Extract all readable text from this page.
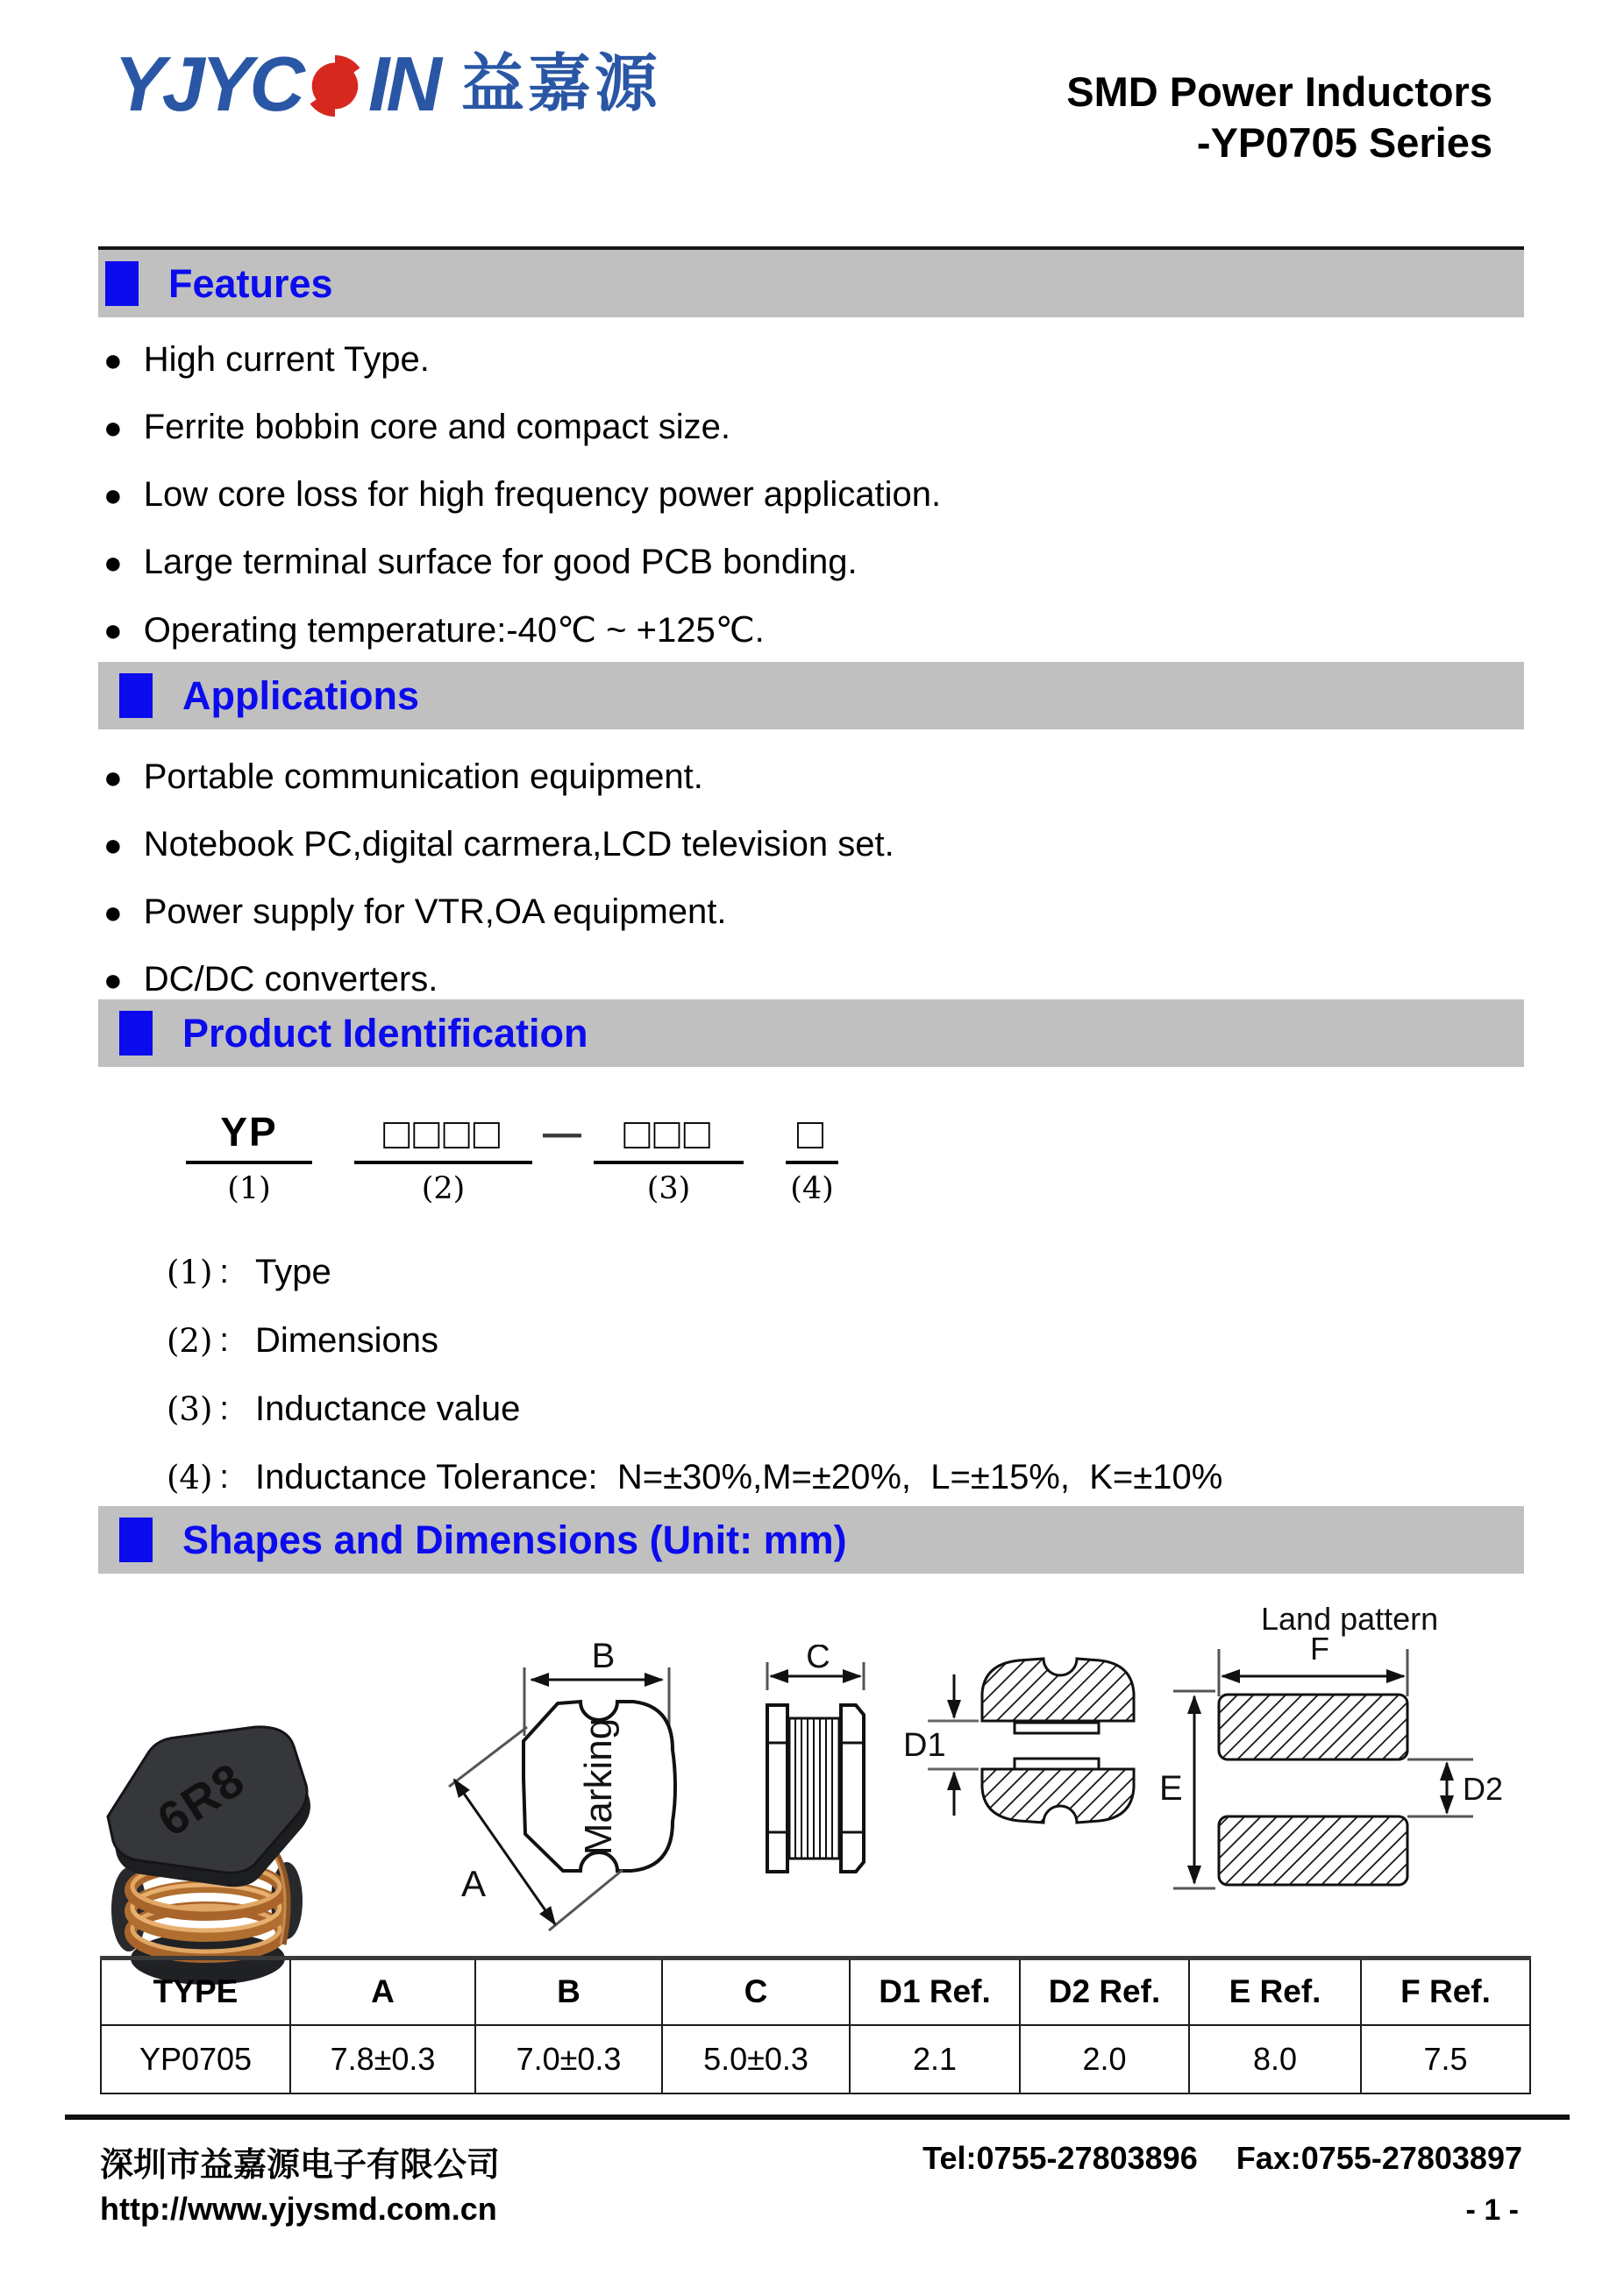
YJYC IN 益嘉源	SMD Power Inductors
-YP0705 Series
Features
● High current Type.
● Ferrite bobbin core and compact size.
● Low core loss for high frequency power application.
● Large terminal surface for good PCB bonding.
● Operating temperature:-40℃ ~ +125℃.
Applications
● Portable communication equipment.
● Notebook PC,digital carmera,LCD television set.
● Power supply for VTR,OA equipment.
● DC/DC converters.
Product Identification
YP
(1)
□□□□
(2)
— □□□
(3)
□
(4)
(1) : Type
(2) : Dimensions
(3) : Inductance value
(4) : Inductance Tolerance:  N=±30%,M=±20%,  L=±15%,  K=±10%
Shapes and Dimensions (Unit: mm)
6R8
B
Marking
A
C
D1
Land pattern
F
E	D2
TYPE	A	B	C	D1 Ref.	D2 Ref.	E Ref.	F Ref.
YP0705	7.8±0.3	7.0±0.3	5.0±0.3	2.1	2.0	8.0	7.5
深圳市益嘉源电子有限公司	Tel:0755-27803896 Fax:0755-27803897
http://www.yjysmd.com.cn	- 1 -
